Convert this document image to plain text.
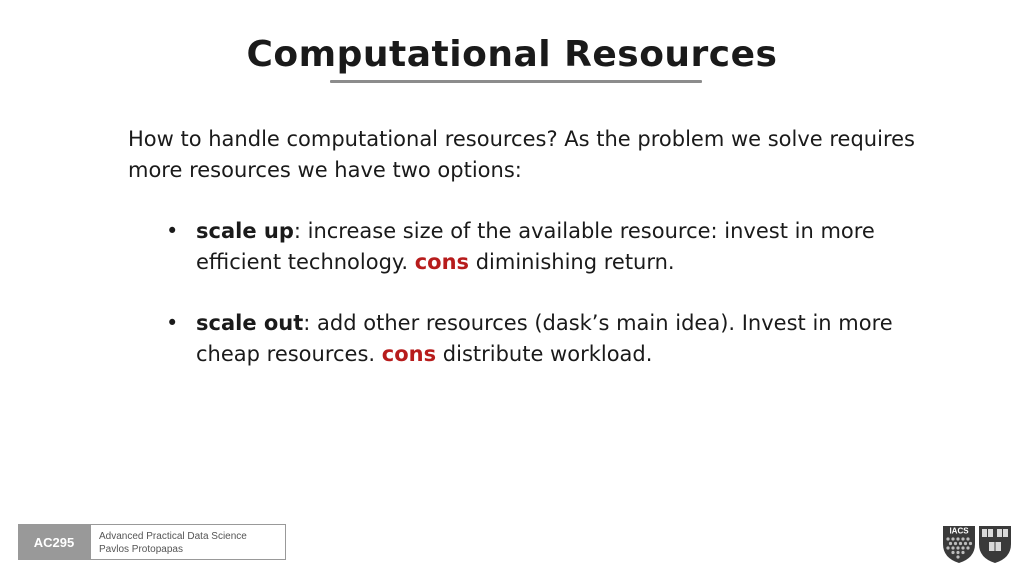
Computational Resources
How to handle computational resources? As the problem we solve requires more resources we have two options:
• scale up: increase size of the available resource: invest in more efficient technology. cons diminishing return.
• scale out: add other resources (dask’s main idea). Invest in more cheap resources. cons distribute workload.
AC295	Advanced Practical Data Science
Pavlos Protopapas
IACS
